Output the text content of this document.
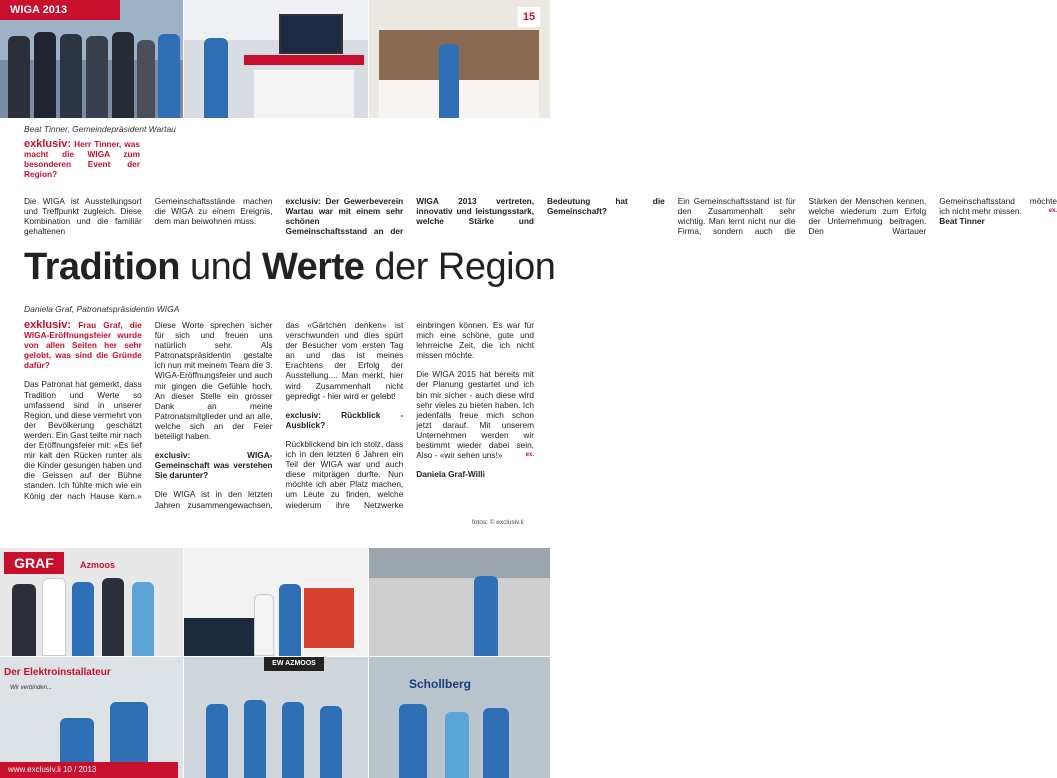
WIGA 2013
15
Beat Tinner, Gemeindepräsident Wartau

exklusiv: Herr Tinner, was macht die WIGA zum besonderen Event der Region?

Die WIGA ist Ausstellungsort und Treffpunkt zugleich. Diese Kombination und die familiär gehaltenen Gemeinschaftsstände machen die WIGA zu einem Ereignis, dem man beiwohnen muss.

exclusiv: Der Gewerbeverein Wartau war mit einem sehr schönen Gemeinschaftsstand an der WIGA 2013 vertreten, innovativ und leistungsstark, welche Stärke und Bedeutung hat die Gemeinschaft?

Ein Gemeinschaftsstand ist für den Zusammenhalt sehr wichtig. Man lernt nicht nur die Firma, sondern auch die Stärken der Menschen kennen, welche wiederum zum Erfolg der Unternehmung beitragen. Den Wartauer Gemeinschaftsstand möchte ich nicht mehr missen.	ex.

Beat Tinner

Tradition und Werte der Region
Daniela Graf, Patronatspräsidentin WIGA

exklusiv: Frau Graf, die WIGA-Eröffnungsfeier wurde von allen Seiten her sehr gelobt, was sind die Gründe dafür?

Das Patronat hat gemerkt, dass Tradition und Werte so umfassend sind in unserer Region, und diese vermehrt von der Bevölkerung geschätzt werden. Ein Gast teilte mir nach der Eröffnungsfeier mit: «Es lief mir kalt den Rücken runter als die Kinder gesungen haben und die Geissen auf der Bühne standen. Ich fühlte mich wie ein König der nach Hause kam.» Diese Worte sprechen sicher für sich und freuen uns natürlich sehr. Als Patronatspräsidentin gestalte ich nun mit meinem Team die 3. WIGA-Eröffnungsfeier und auch mir gingen die Gefühle hoch. An dieser Stelle ein grosser Dank an meine Patronatsmitglieder und an alle, welche sich an der Feier beteiligt haben.

exclusiv: WIGA-Gemeinschaft was verstehen Sie darunter?

Die WIGA ist in den letzten Jahren zusammengewachsen, das «Gärtchen denken» ist verschwunden und dies spürt der Besucher vom ersten Tag an und das ist meines Erachtens der Erfolg der Ausstellung.... Man merkt, hier wird Zusammenhalt nicht gepredigt - hier wird er gelebt!

exclusiv: Rückblick - Ausblick?

Rückblickend bin ich stolz, dass ich in den letzten 6 Jahren ein Teil der WIGA war und auch diese mitprägen durfte. Nun möchte ich aber Platz machen, um Leute zu finden, welche wiederum ihre Netzwerke einbringen können. Es war für mich eine schöne, gute und lehrreiche Zeit, die ich nicht missen möchte.

Die WIGA 2015 hat bereits mit der Planung gestartet und ich bin mir sicher - auch diese wird sehr vieles zu bieten haben. Ich jedenfalls freue mich schon jetzt darauf. Mit unserem Unternehmen werden wir bestimmt wieder dabei sein. Also - «wir sehen uns!»	ex.

Daniela Graf-Willi

fotos: © exclusiv.li
GRAF	Azmoos
Der Elektroinstallateur
Wir verbinden...
EW AZMOOS
Schollberg
www.exclusiv.li 10 / 2013
